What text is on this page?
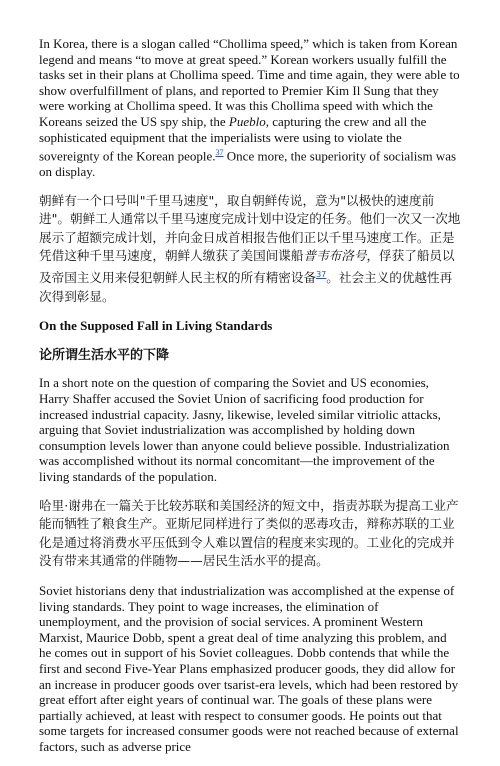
In Korea, there is a slogan called “Chollima speed,” which is taken from Korean legend and means “to move at great speed.” Korean workers usually fulfill the tasks set in their plans at Chollima speed. Time and time again, they were able to show overfulfillment of plans, and reported to Premier Kim Il Sung that they were working at Chollima speed. It was this Chollima speed with which the Koreans seized the US spy ship, the Pueblo, capturing the crew and all the sophisticated equipment that the imperialists were using to violate the sovereignty of the Korean people.$^{37}$ Once more, the superiority of socialism was on display.

朝鲜有一个口号叫"千里马速度"，取自朝鲜传说，意为"以极快的速度前进"。朝鲜工人通常以千里马速度完成计划中设定的任务。他们一次又一次地展示了超额完成计划，并向金日成首相报告他们正以千里马速度工作。正是凭借这种千里马速度，朝鲜人缴获了美国间谍船普韦布洛号，俘获了船员以及帝国主义用来侵犯朝鲜人民主权的所有精密设备$^{37}$。社会主义的优越性再次得到彰显。

On the Supposed Fall in Living Standards
论所谓生活水平的下降

In a short note on the question of comparing the Soviet and US economies, Harry Shaffer accused the Soviet Union of sacrificing food production for increased industrial capacity. Jasny, likewise, leveled similar vitriolic attacks, arguing that Soviet industrialization was accomplished by holding down consumption levels lower than anyone could believe possible. Industrialization was accomplished without its normal concomitant—the improvement of the living standards of the population.

哈里·谢弗在一篇关于比较苏联和美国经济的短文中，指责苏联为提高工业产能而牺牲了粮食生产。亚斯尼同样进行了类似的恶毒攻击，辩称苏联的工业化是通过将消费水平压低到令人难以置信的程度来实现的。工业化的完成并没有带来其通常的伴随物——居民生活水平的提高。

Soviet historians deny that industrialization was accomplished at the expense of living standards. They point to wage increases, the elimination of unemployment, and the provision of social services. A prominent Western Marxist, Maurice Dobb, spent a great deal of time analyzing this problem, and he comes out in support of his Soviet colleagues. Dobb contends that while the first and second Five-Year Plans emphasized producer goods, they did allow for an increase in producer goods over tsarist-era levels, which had been restored by great effort after eight years of continual war. The goals of these plans were partially achieved, at least with respect to consumer goods. He points out that some targets for increased consumer goods were not reached because of external factors, such as adverse price
